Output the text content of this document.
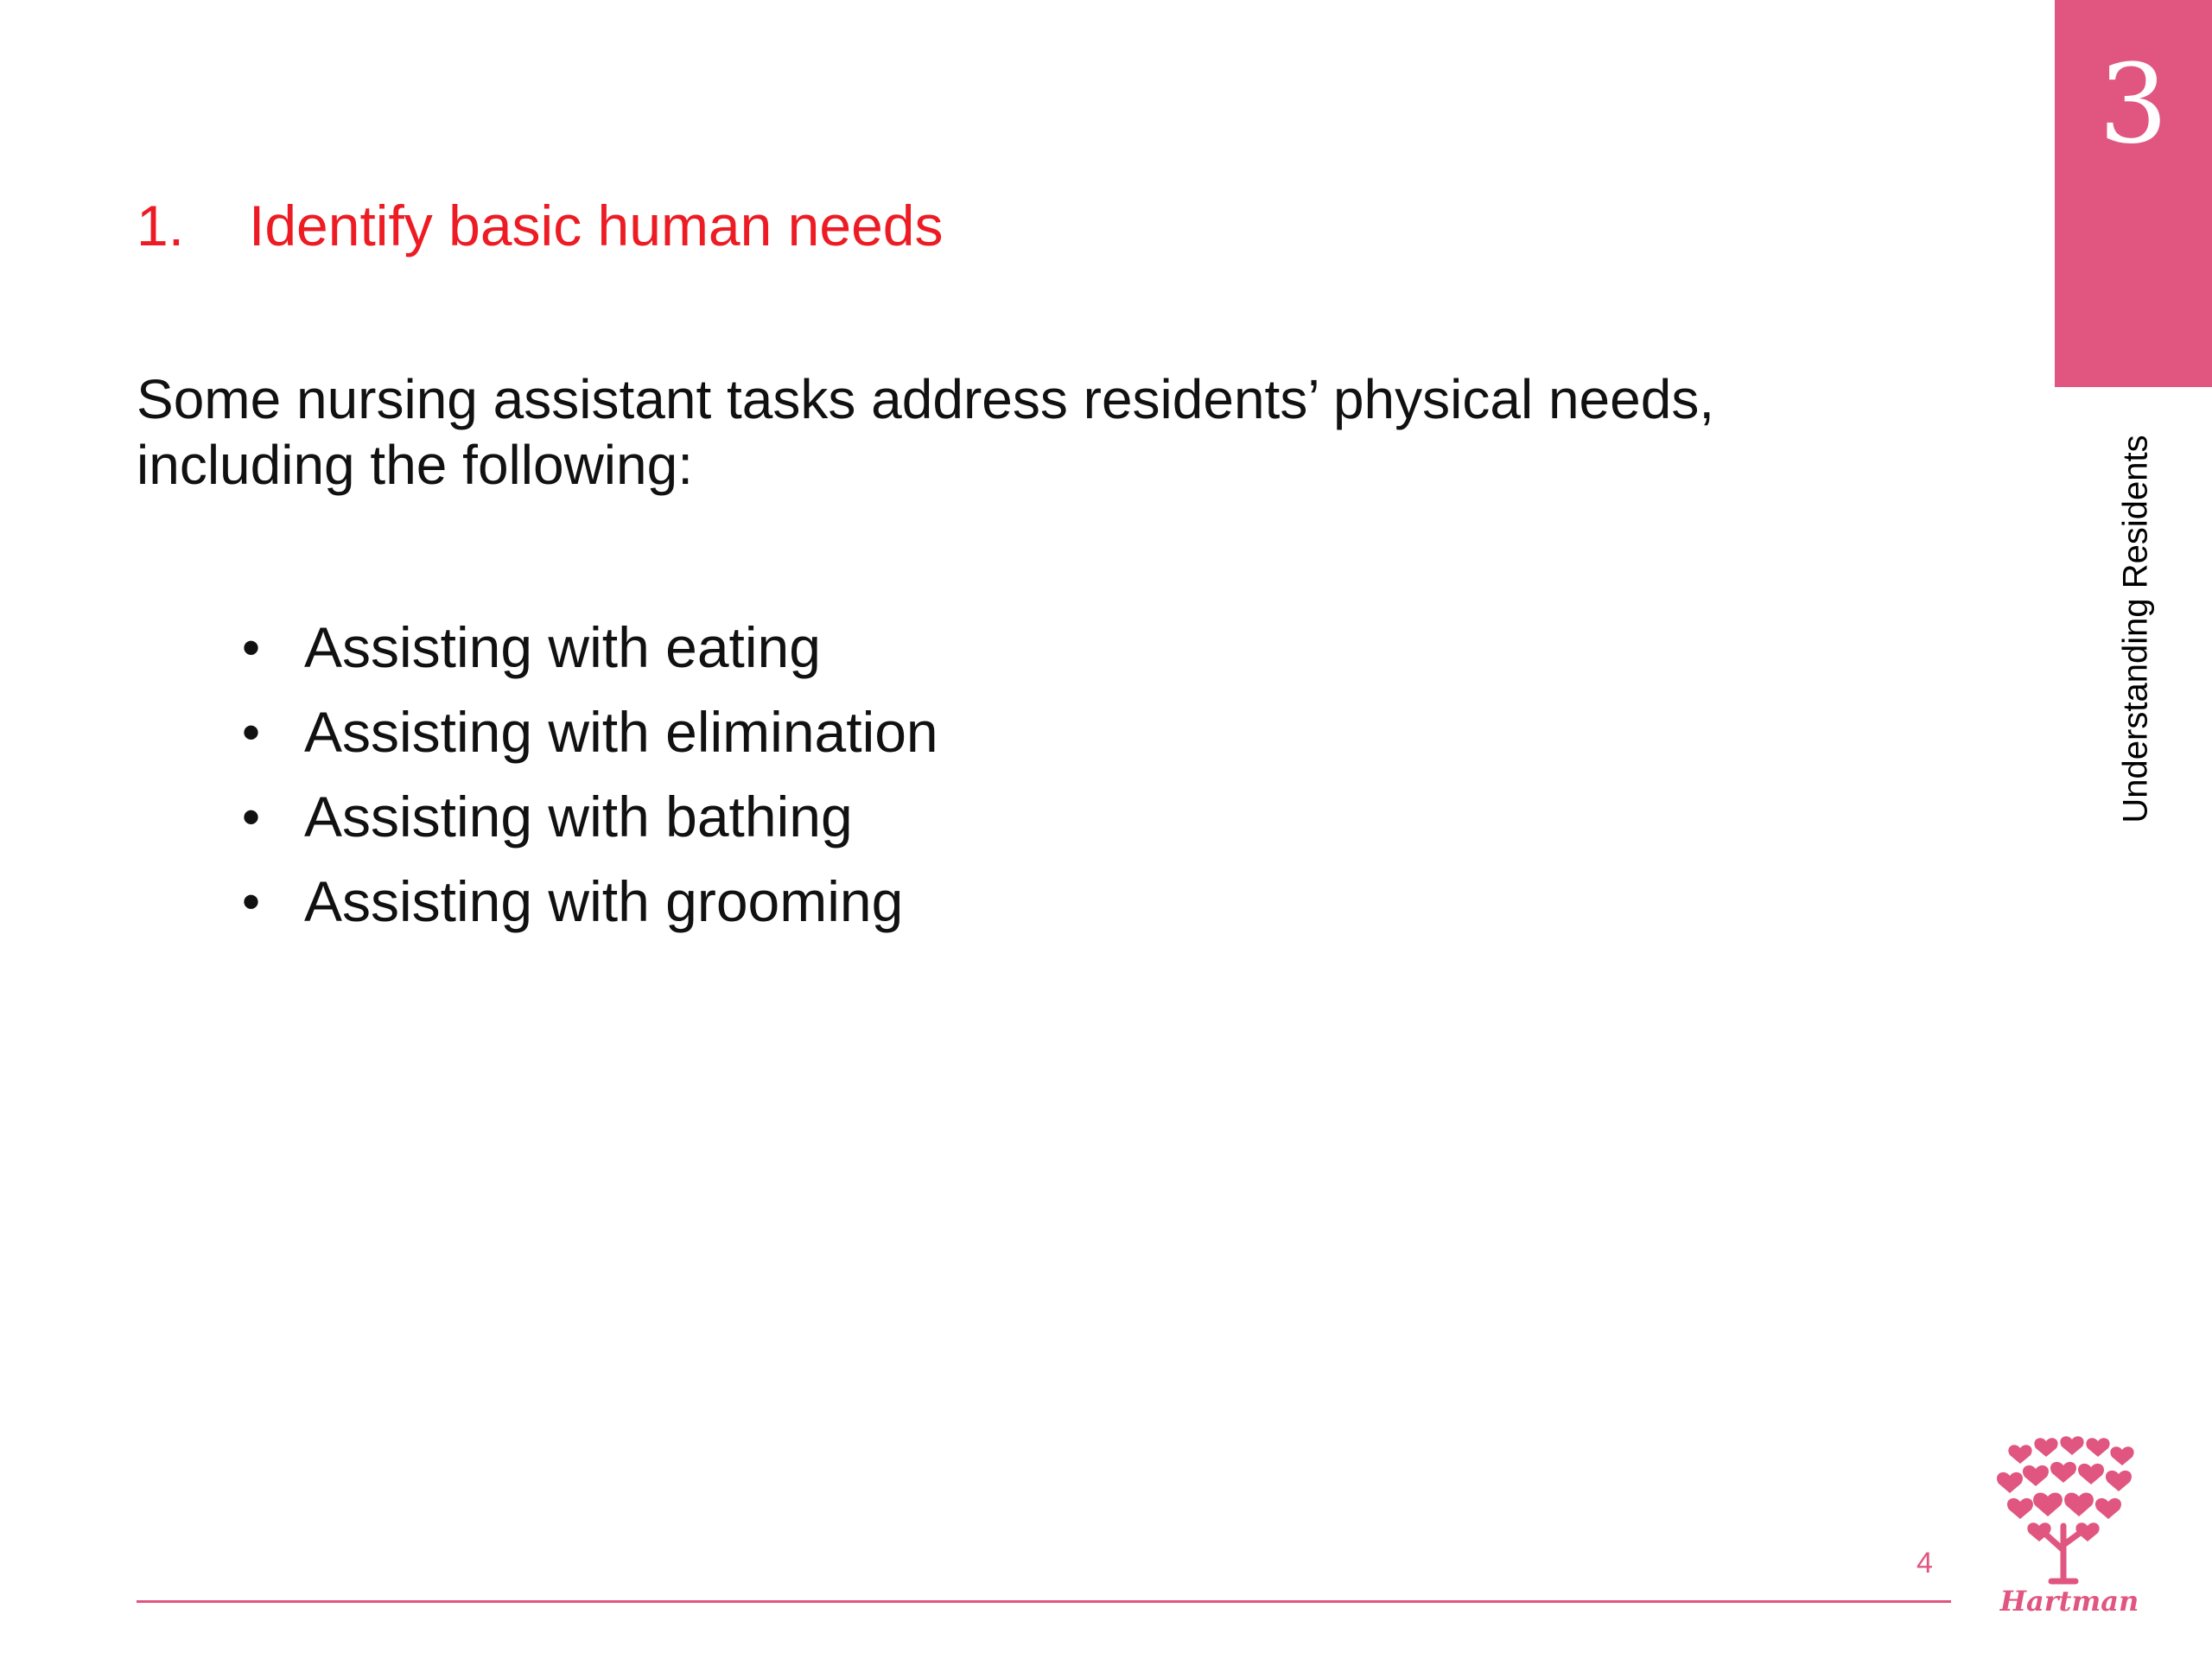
3
Understanding Residents
1. Identify basic human needs
Some nursing assistant tasks address residents’ physical needs, including the following:
• Assisting with eating
• Assisting with elimination
• Assisting with bathing
• Assisting with grooming
4
Hartman
